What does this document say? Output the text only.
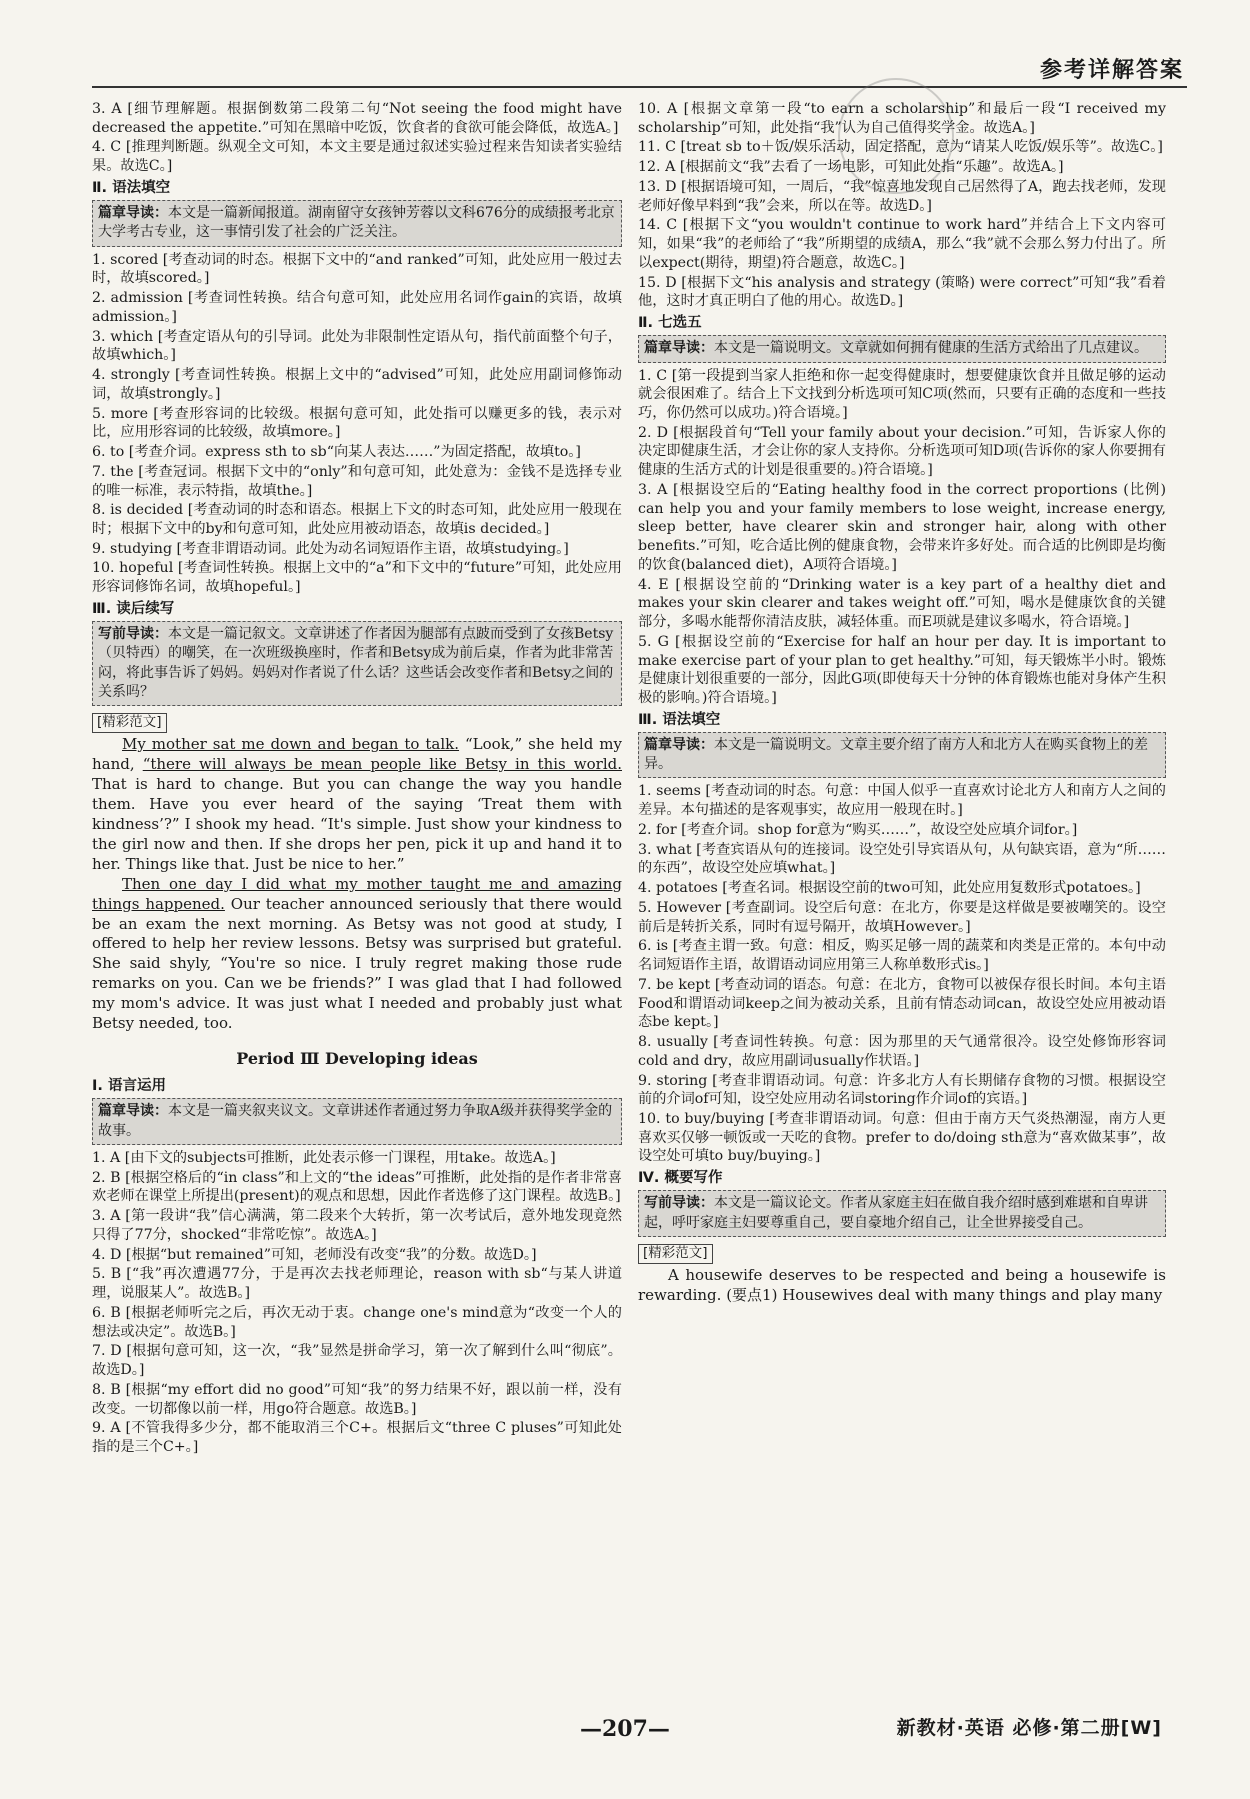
参考详解答案
3. A [细节理解题。根据倒数第二段第二句“Not seeing the food might have decreased the appetite.”可知在黑暗中吃饭，饮食者的食欲可能会降低，故选A。]
4. C [推理判断题。纵观全文可知，本文主要是通过叙述实验过程来告知读者实验结果。故选C。]
Ⅱ. 语法填空
篇章导读：本文是一篇新闻报道。湖南留守女孩钟芳蓉以文科676分的成绩报考北京大学考古专业，这一事情引发了社会的广泛关注。
1. scored [考查动词的时态。根据下文中的“and ranked”可知，此处应用一般过去时，故填scored。]
2. admission [考查词性转换。结合句意可知，此处应用名词作gain的宾语，故填admission。]
3. which [考查定语从句的引导词。此处为非限制性定语从句，指代前面整个句子，故填which。]
4. strongly [考查词性转换。根据上文中的“advised”可知，此处应用副词修饰动词，故填strongly。]
5. more [考查形容词的比较级。根据句意可知，此处指可以赚更多的钱，表示对比，应用形容词的比较级，故填more。]
6. to [考查介词。express sth to sb“向某人表达……”为固定搭配，故填to。]
7. the [考查冠词。根据下文中的“only”和句意可知，此处意为：金钱不是选择专业的唯一标准，表示特指，故填the。]
8. is decided [考查动词的时态和语态。根据上下文的时态可知，此处应用一般现在时；根据下文中的by和句意可知，此处应用被动语态，故填is decided。]
9. studying [考查非谓语动词。此处为动名词短语作主语，故填studying。]
10. hopeful [考查词性转换。根据上文中的“a”和下文中的“future”可知，此处应用形容词修饰名词，故填hopeful。]
Ⅲ. 读后续写
写前导读：本文是一篇记叙文。文章讲述了作者因为腿部有点跛而受到了女孩Betsy（贝特西）的嘲笑，在一次班级换座时，作者和Betsy成为前后桌，作者为此非常苦闷，将此事告诉了妈妈。妈妈对作者说了什么话？这些话会改变作者和Betsy之间的关系吗？
[精彩范文]

My mother sat me down and began to talk. “Look,” she held my hand, “there will always be mean people like Betsy in this world. That is hard to change. But you can change the way you handle them. Have you ever heard of the saying ‘Treat them with kindness’?” I shook my head. “It's simple. Just show your kindness to the girl now and then. If she drops her pen, pick it up and hand it to her. Things like that. Just be nice to her.”

Then one day I did what my mother taught me and amazing things happened. Our teacher announced seriously that there would be an exam the next morning. As Betsy was not good at study, I offered to help her review lessons. Betsy was surprised but grateful. She said shyly, “You're so nice. I truly regret making those rude remarks on you. Can we be friends?” I was glad that I had followed my mom's advice. It was just what I needed and probably just what Betsy needed, too.

Period Ⅲ Developing ideas
Ⅰ. 语言运用
篇章导读：本文是一篇夹叙夹议文。文章讲述作者通过努力争取A级并获得奖学金的故事。
1. A [由下文的subjects可推断，此处表示修一门课程，用take。故选A。]
2. B [根据空格后的“in class”和上文的“the ideas”可推断，此处指的是作者非常喜欢老师在课堂上所提出(present)的观点和思想，因此作者选修了这门课程。故选B。]
3. A [第一段讲“我”信心满满，第二段来个大转折，第一次考试后，意外地发现竟然只得了77分，shocked“非常吃惊”。故选A。]
4. D [根据“but remained”可知，老师没有改变“我”的分数。故选D。]
5. B [“我”再次遭遇77分，于是再次去找老师理论，reason with sb“与某人讲道理，说服某人”。故选B。]
6. B [根据老师听完之后，再次无动于衷。change one's mind意为“改变一个人的想法或决定”。故选B。]
7. D [根据句意可知，这一次，“我”显然是拼命学习，第一次了解到什么叫“彻底”。故选D。]
8. B [根据“my effort did no good”可知“我”的努力结果不好，跟以前一样，没有改变。一切都像以前一样，用go符合题意。故选B。]
9. A [不管我得多少分，都不能取消三个C+。根据后文“three C pluses”可知此处指的是三个C+。]
10. A [根据文章第一段“to earn a scholarship”和最后一段“I received my scholarship”可知，此处指“我”认为自己值得奖学金。故选A。]
11. C [treat sb to＋饭/娱乐活动，固定搭配，意为“请某人吃饭/娱乐等”。故选C。]
12. A [根据前文“我”去看了一场电影，可知此处指“乐趣”。故选A。]
13. D [根据语境可知，一周后，“我”惊喜地发现自己居然得了A，跑去找老师，发现老师好像早料到“我”会来，所以在等。故选D。]
14. C [根据下文“you wouldn't continue to work hard”并结合上下文内容可知，如果“我”的老师给了“我”所期望的成绩A，那么“我”就不会那么努力付出了。所以expect(期待，期望)符合题意，故选C。]
15. D [根据下文“his analysis and strategy (策略) were correct”可知“我”看着他，这时才真正明白了他的用心。故选D。]
Ⅱ. 七选五
篇章导读：本文是一篇说明文。文章就如何拥有健康的生活方式给出了几点建议。
1. C [第一段提到当家人拒绝和你一起变得健康时，想要健康饮食并且做足够的运动就会很困难了。结合上下文找到分析选项可知C项(然而，只要有正确的态度和一些技巧，你仍然可以成功。)符合语境。]
2. D [根据段首句“Tell your family about your decision.”可知，告诉家人你的决定即健康生活，才会让你的家人支持你。分析选项可知D项(告诉你的家人你要拥有健康的生活方式的计划是很重要的。)符合语境。]
3. A [根据设空后的“Eating healthy food in the correct proportions (比例) can help you and your family members to lose weight, increase energy, sleep better, have clearer skin and stronger hair, along with other benefits.”可知，吃合适比例的健康食物，会带来许多好处。而合适的比例即是均衡的饮食(balanced diet)，A项符合语境。]
4. E [根据设空前的“Drinking water is a key part of a healthy diet and makes your skin clearer and takes weight off.”可知，喝水是健康饮食的关键部分，多喝水能帮你清洁皮肤，减轻体重。而E项就是建议多喝水，符合语境。]
5. G [根据设空前的“Exercise for half an hour per day. It is important to make exercise part of your plan to get healthy.”可知，每天锻炼半小时。锻炼是健康计划很重要的一部分，因此G项(即使每天十分钟的体育锻炼也能对身体产生积极的影响。)符合语境。]
Ⅲ. 语法填空
篇章导读：本文是一篇说明文。文章主要介绍了南方人和北方人在购买食物上的差异。
1. seems [考查动词的时态。句意：中国人似乎一直喜欢讨论北方人和南方人之间的差异。本句描述的是客观事实，故应用一般现在时。]
2. for [考查介词。shop for意为“购买……”，故设空处应填介词for。]
3. what [考查宾语从句的连接词。设空处引导宾语从句，从句缺宾语，意为“所……的东西”，故设空处应填what。]
4. potatoes [考查名词。根据设空前的two可知，此处应用复数形式potatoes。]
5. However [考查副词。设空后句意：在北方，你要是这样做是要被嘲笑的。设空前后是转折关系，同时有逗号隔开，故填However。]
6. is [考查主谓一致。句意：相反，购买足够一周的蔬菜和肉类是正常的。本句中动名词短语作主语，故谓语动词应用第三人称单数形式is。]
7. be kept [考查动词的语态。句意：在北方，食物可以被保存很长时间。本句主语Food和谓语动词keep之间为被动关系，且前有情态动词can，故设空处应用被动语态be kept。]
8. usually [考查词性转换。句意：因为那里的天气通常很冷。设空处修饰形容词cold and dry，故应用副词usually作状语。]
9. storing [考查非谓语动词。句意：许多北方人有长期储存食物的习惯。根据设空前的介词of可知，设空处应用动名词storing作介词of的宾语。]
10. to buy/buying [考查非谓语动词。句意：但由于南方天气炎热潮湿，南方人更喜欢买仅够一顿饭或一天吃的食物。prefer to do/doing sth意为“喜欢做某事”，故设空处可填to buy/buying。]
Ⅳ. 概要写作
写前导读：本文是一篇议论文。作者从家庭主妇在做自我介绍时感到难堪和自卑讲起，呼吁家庭主妇要尊重自己，要自豪地介绍自己，让全世界接受自己。
[精彩范文]

A housewife deserves to be respected and being a housewife is rewarding. (要点1) Housewives deal with many things and play many

—207—	新教材·英语 必修·第二册[W]
